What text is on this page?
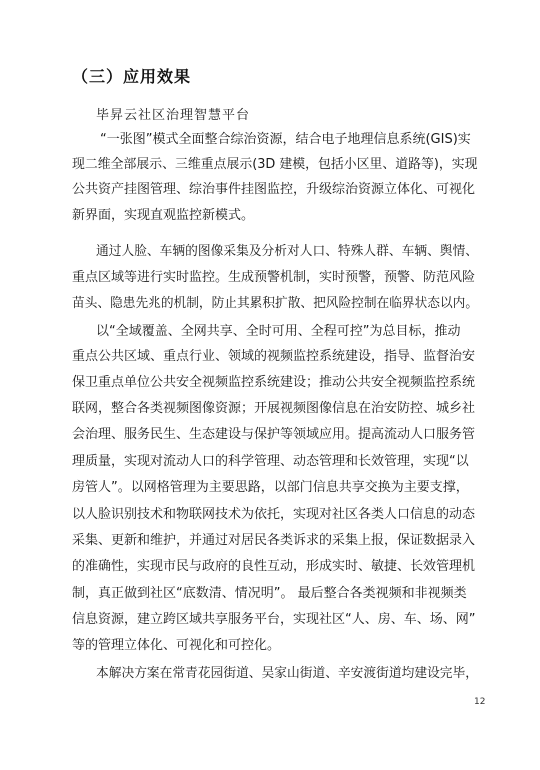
（三）应用效果
毕昇云社区治理智慧平台
“一张图”模式全面整合综治资源，结合电子地理信息系统(GIS)实
现二维全部展示、三维重点展示(3D 建模，包括小区里、道路等)，实现
公共资产挂图管理、综治事件挂图监控，升级综治资源立体化、可视化
新界面，实现直观监控新模式。
通过人脸、车辆的图像采集及分析对人口、特殊人群、车辆、舆情、
重点区域等进行实时监控。生成预警机制，实时预警，预警、防范风险
苗头、隐患先兆的机制，防止其累积扩散、把风险控制在临界状态以内。
以“全域覆盖、全网共享、全时可用、全程可控”为总目标，推动
重点公共区域、重点行业、领域的视频监控系统建设，指导、监督治安
保卫重点单位公共安全视频监控系统建设；推动公共安全视频监控系统
联网，整合各类视频图像资源；开展视频图像信息在治安防控、城乡社
会治理、服务民生、生态建设与保护等领域应用。提高流动人口服务管
理质量，实现对流动人口的科学管理、动态管理和长效管理，实现“以
房管人”。以网格管理为主要思路，以部门信息共享交换为主要支撑，
以人脸识别技术和物联网技术为依托，实现对社区各类人口信息的动态
采集、更新和维护，并通过对居民各类诉求的采集上报，保证数据录入
的准确性，实现市民与政府的良性互动，形成实时、敏捷、长效管理机
制，真正做到社区“底数清、情况明”。 最后整合各类视频和非视频类
信息资源，建立跨区域共享服务平台，实现社区“人、房、车、场、网”
等的管理立体化、可视化和可控化。
本解决方案在常青花园街道、吴家山街道、辛安渡街道均建设完毕，
12
